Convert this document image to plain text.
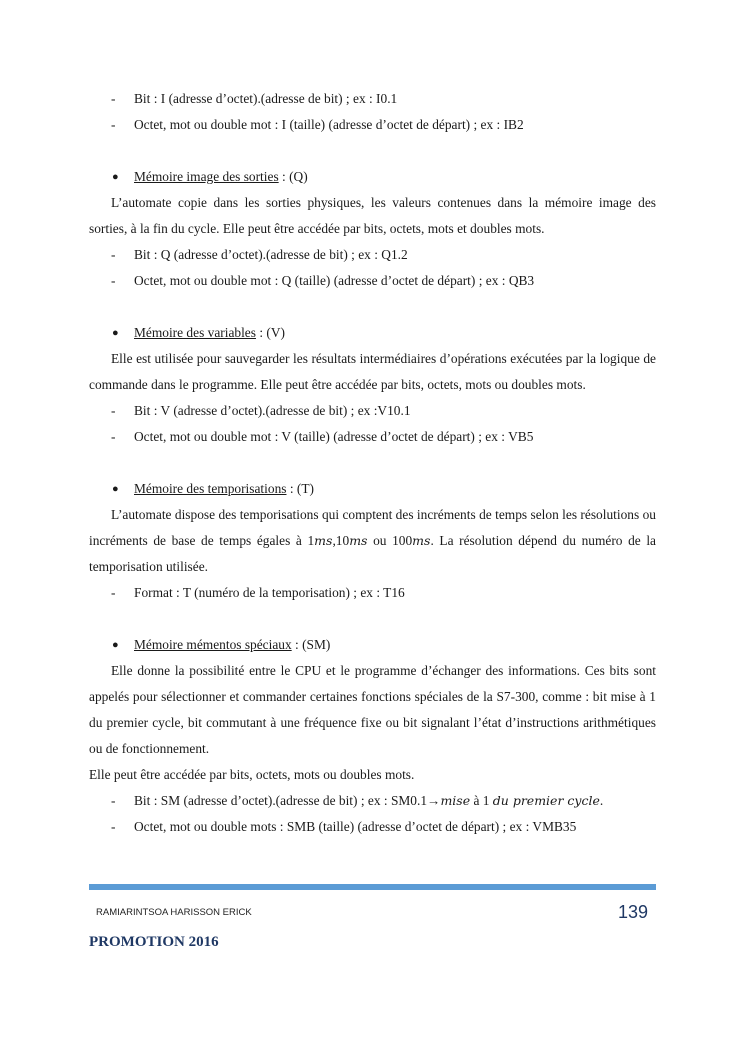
- Bit : I (adresse d’octet).(adresse de bit) ; ex : I0.1
- Octet, mot ou double mot : I (taille) (adresse d’octet de départ) ; ex : IB2
● Mémoire image des sorties : (Q)

L’automate copie dans les sorties physiques, les valeurs contenues dans la mémoire image des sorties, à la fin du cycle. Elle peut être accédée par bits, octets, mots et doubles mots.

- Bit : Q (adresse d’octet).(adresse de bit) ; ex : Q1.2
- Octet, mot ou double mot : Q (taille) (adresse d’octet de départ) ; ex : QB3
● Mémoire des variables : (V)

Elle est utilisée pour sauvegarder les résultats intermédiaires d’opérations exécutées par la logique de commande dans le programme. Elle peut être accédée par bits, octets, mots ou doubles mots.

- Bit : V (adresse d’octet).(adresse de bit) ; ex :V10.1
- Octet, mot ou double mot : V (taille) (adresse d’octet de départ) ; ex : VB5
● Mémoire des temporisations : (T)

L’automate dispose des temporisations qui comptent des incréments de temps selon les résolutions ou incréments de base de temps égales à 1ms,10ms ou 100ms. La résolution dépend du numéro de la temporisation utilisée.

- Format : T (numéro de la temporisation) ; ex : T16
● Mémoire mémentos spéciaux : (SM)

Elle donne la possibilité entre le CPU et le programme d’échanger des informations. Ces bits sont appelés pour sélectionner et commander certaines fonctions spéciales de la S7-300, comme : bit mise à 1 du premier cycle, bit commutant à une fréquence fixe ou bit signalant l’état d’instructions arithmétiques ou de fonctionnement.

Elle peut être accédée par bits, octets, mots ou doubles mots.

- Bit : SM (adresse d’octet).(adresse de bit) ; ex : SM0.1→mise à 1 du premier cycle.
- Octet, mot ou double mots : SMB (taille) (adresse d’octet de départ) ; ex : VMB35
RAMIARINTSOA HARISSON ERICK	139
PROMOTION 2016
